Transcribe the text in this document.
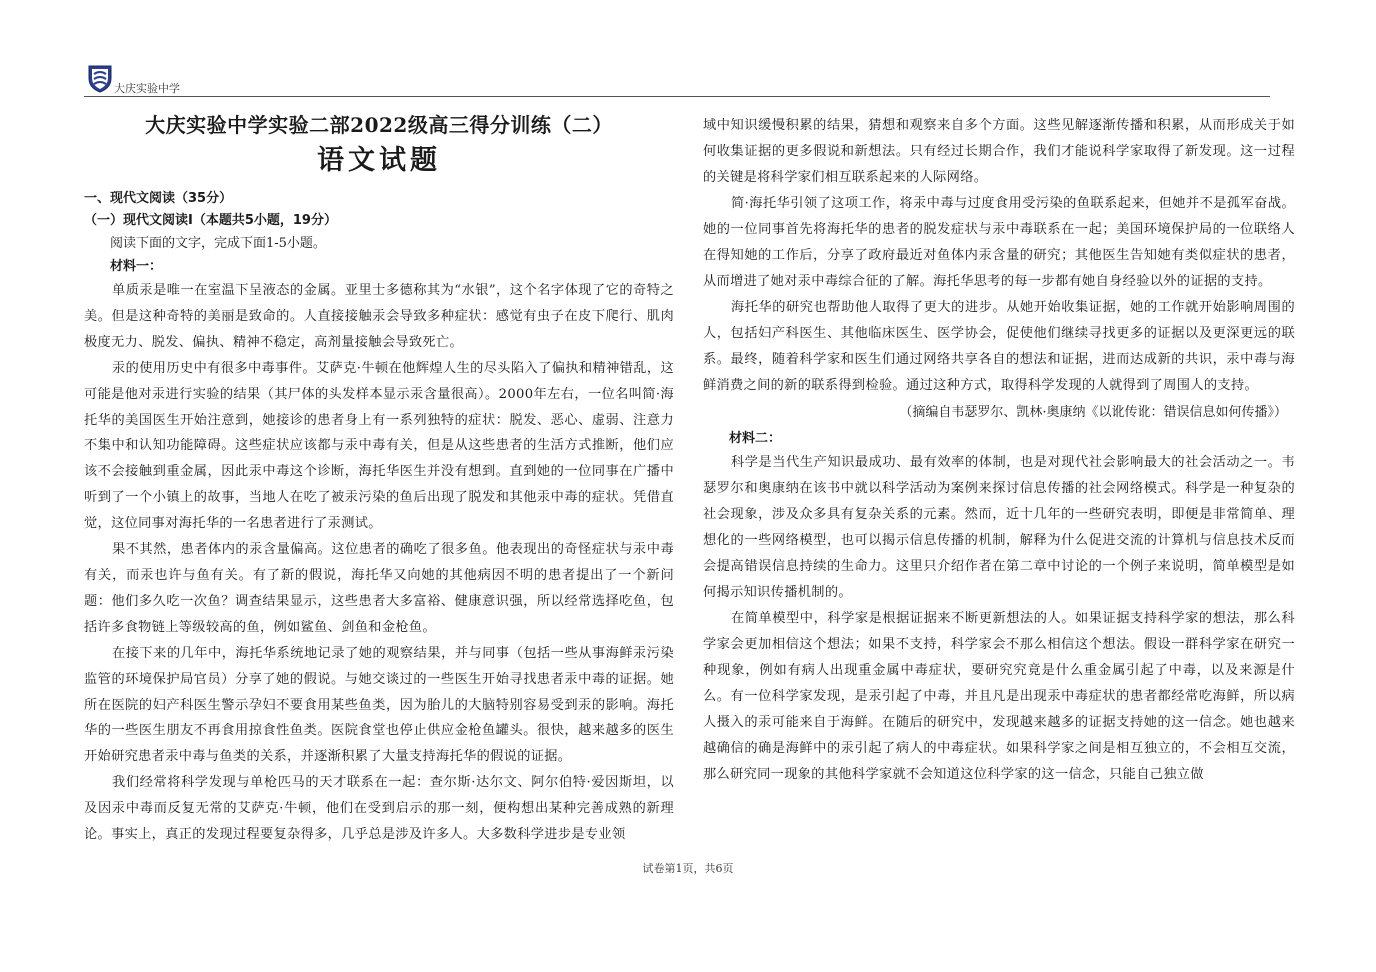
大庆实验中学
大庆实验中学实验二部2022级高三得分训练（二）
语文试题
一、现代文阅读（35分）
（一）现代文阅读Ⅰ（本题共5小题，19分）

阅读下面的文字，完成下面1-5小题。

材料一：

单质汞是唯一在室温下呈液态的金属。亚里士多德称其为“水银”，这个名字体现了它的奇特之美。但是这种奇特的美丽是致命的。人直接接触汞会导致多种症状：感觉有虫子在皮下爬行、肌肉极度无力、脱发、偏执、精神不稳定，高剂量接触会导致死亡。

汞的使用历史中有很多中毒事件。艾萨克·牛顿在他辉煌人生的尽头陷入了偏执和精神错乱，这可能是他对汞进行实验的结果（其尸体的头发样本显示汞含量很高）。2000年左右，一位名叫简·海托华的美国医生开始注意到，她接诊的患者身上有一系列独特的症状：脱发、恶心、虚弱、注意力不集中和认知功能障碍。这些症状应该都与汞中毒有关，但是从这些患者的生活方式推断，他们应该不会接触到重金属，因此汞中毒这个诊断，海托华医生并没有想到。直到她的一位同事在广播中听到了一个小镇上的故事，当地人在吃了被汞污染的鱼后出现了脱发和其他汞中毒的症状。凭借直觉，这位同事对海托华的一名患者进行了汞测试。

果不其然，患者体内的汞含量偏高。这位患者的确吃了很多鱼。他表现出的奇怪症状与汞中毒有关，而汞也许与鱼有关。有了新的假说，海托华又向她的其他病因不明的患者提出了一个新问题：他们多久吃一次鱼？调查结果显示，这些患者大多富裕、健康意识强，所以经常选择吃鱼，包括许多食物链上等级较高的鱼，例如鲨鱼、剑鱼和金枪鱼。

在接下来的几年中，海托华系统地记录了她的观察结果，并与同事（包括一些从事海鲜汞污染监管的环境保护局官员）分享了她的假说。与她交谈过的一些医生开始寻找患者汞中毒的证据。她所在医院的妇产科医生警示孕妇不要食用某些鱼类，因为胎儿的大脑特别容易受到汞的影响。海托华的一些医生朋友不再食用掠食性鱼类。医院食堂也停止供应金枪鱼罐头。很快，越来越多的医生开始研究患者汞中毒与鱼类的关系，并逐渐积累了大量支持海托华的假说的证据。

我们经常将科学发现与单枪匹马的天才联系在一起：查尔斯·达尔文、阿尔伯特·爱因斯坦，以及因汞中毒而反复无常的艾萨克·牛顿，他们在受到启示的那一刻，便构想出某种完善成熟的新理论。事实上，真正的发现过程要复杂得多，几乎总是涉及许多人。大多数科学进步是专业领

域中知识缓慢积累的结果，猜想和观察来自多个方面。这些见解逐渐传播和积累，从而形成关于如何收集证据的更多假说和新想法。只有经过长期合作，我们才能说科学家取得了新发现。这一过程的关键是将科学家们相互联系起来的人际网络。

简·海托华引领了这项工作，将汞中毒与过度食用受污染的鱼联系起来，但她并不是孤军奋战。她的一位同事首先将海托华的患者的脱发症状与汞中毒联系在一起；美国环境保护局的一位联络人在得知她的工作后，分享了政府最近对鱼体内汞含量的研究；其他医生告知她有类似症状的患者，从而增进了她对汞中毒综合征的了解。海托华思考的每一步都有她自身经验以外的证据的支持。

海托华的研究也帮助他人取得了更大的进步。从她开始收集证据，她的工作就开始影响周围的人，包括妇产科医生、其他临床医生、医学协会，促使他们继续寻找更多的证据以及更深更远的联系。最终，随着科学家和医生们通过网络共享各自的想法和证据，进而达成新的共识，汞中毒与海鲜消费之间的新的联系得到检验。通过这种方式，取得科学发现的人就得到了周围人的支持。

（摘编自韦瑟罗尔、凯林·奥康纳《以讹传讹：错误信息如何传播》）

材料二：

科学是当代生产知识最成功、最有效率的体制，也是对现代社会影响最大的社会活动之一。韦瑟罗尔和奥康纳在该书中就以科学活动为案例来探讨信息传播的社会网络模式。科学是一种复杂的社会现象，涉及众多具有复杂关系的元素。然而，近十几年的一些研究表明，即便是非常简单、理想化的一些网络模型，也可以揭示信息传播的机制，解释为什么促进交流的计算机与信息技术反而会提高错误信息持续的生命力。这里只介绍作者在第二章中讨论的一个例子来说明，简单模型是如何揭示知识传播机制的。

在简单模型中，科学家是根据证据来不断更新想法的人。如果证据支持科学家的想法，那么科学家会更加相信这个想法；如果不支持，科学家会不那么相信这个想法。假设一群科学家在研究一种现象，例如有病人出现重金属中毒症状，要研究究竟是什么重金属引起了中毒，以及来源是什么。有一位科学家发现，是汞引起了中毒，并且凡是出现汞中毒症状的患者都经常吃海鲜，所以病人摄入的汞可能来自于海鲜。在随后的研究中，发现越来越多的证据支持她的这一信念。她也越来越确信的确是海鲜中的汞引起了病人的中毒症状。如果科学家之间是相互独立的，不会相互交流，那么研究同一现象的其他科学家就不会知道这位科学家的这一信念，只能自己独立做

试卷第1页，共6页
